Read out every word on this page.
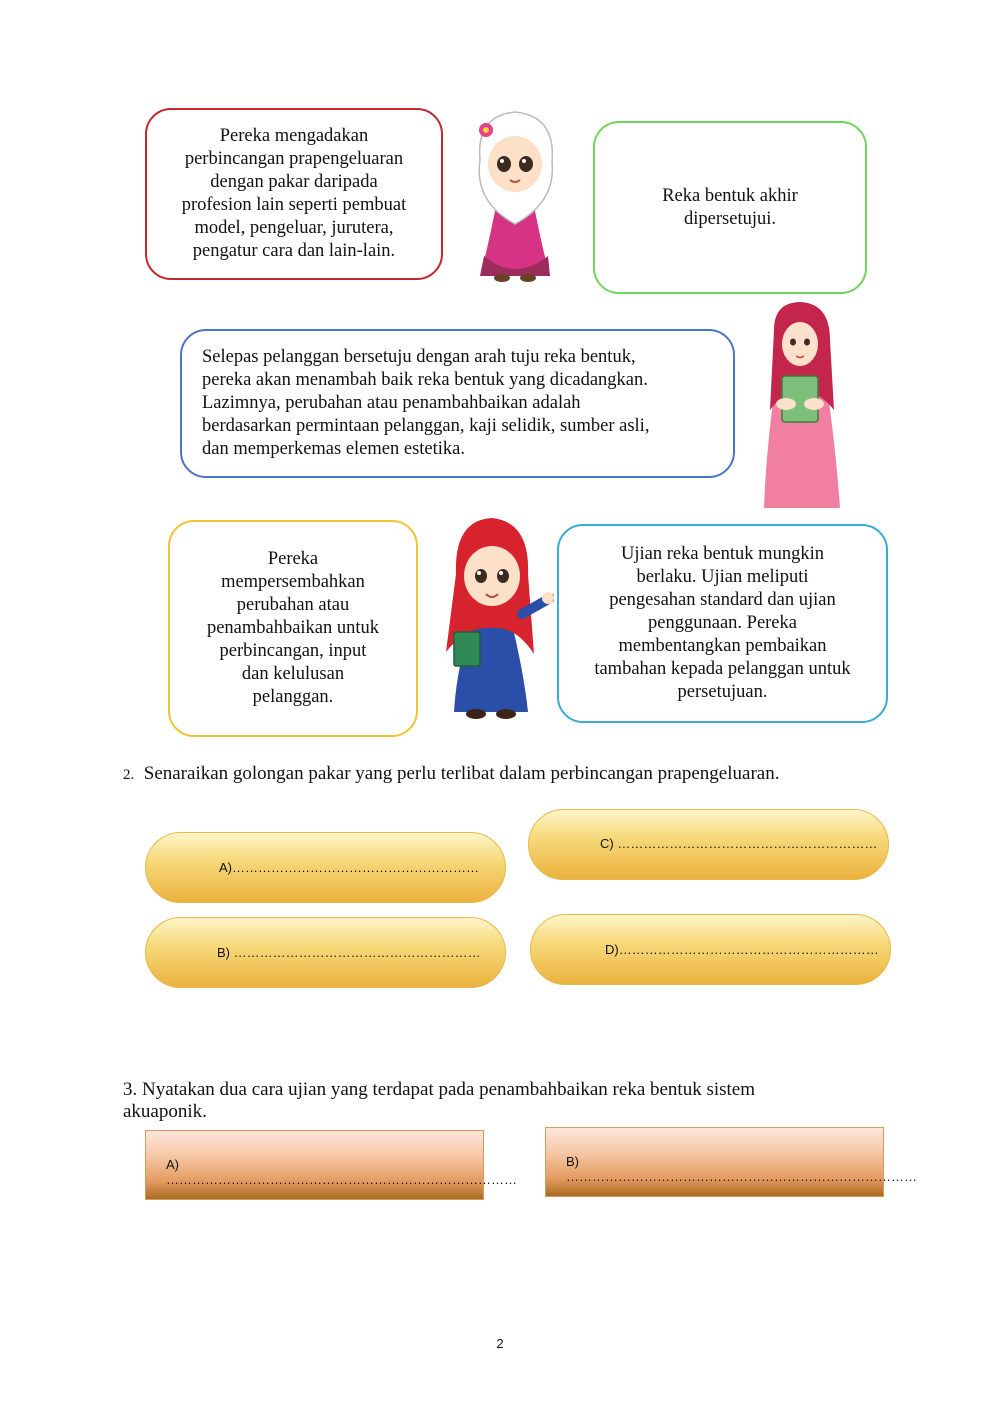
Pereka mengadakan
perbincangan prapengeluaran
dengan pakar daripada
profesion lain seperti pembuat
model, pengeluar, jurutera,
pengatur cara dan lain-lain.
Reka bentuk akhir
dipersetujui.
Selepas pelanggan bersetuju dengan arah tuju reka bentuk,
pereka akan menambah baik reka bentuk yang dicadangkan.
Lazimnya, perubahan atau penambahbaikan adalah
berdasarkan permintaan pelanggan, kaji selidik, sumber asli,
dan memperkemas elemen estetika.
Pereka
mempersembahkan
perubahan atau
penambahbaikan untuk
perbincangan, input
dan kelulusan
pelanggan.
Ujian reka bentuk mungkin
berlaku. Ujian meliputi
pengesahan standard dan ujian
penggunaan. Pereka
membentangkan pembaikan
tambahan kepada pelanggan untuk
persetujuan.

2. Senaraikan golongan pakar yang perlu terlibat dalam perbincangan prapengeluaran.

A)…………………………………………………
C) ……………………………………………………
B) …………………………………………………	D)……………………………………………………

3. Nyatakan dua cara ujian yang terdapat pada penambahbaikan reka bentuk sistem
akuaponik.

A) ………………………………………………………………………
B) ………………………………………………………………………
2
